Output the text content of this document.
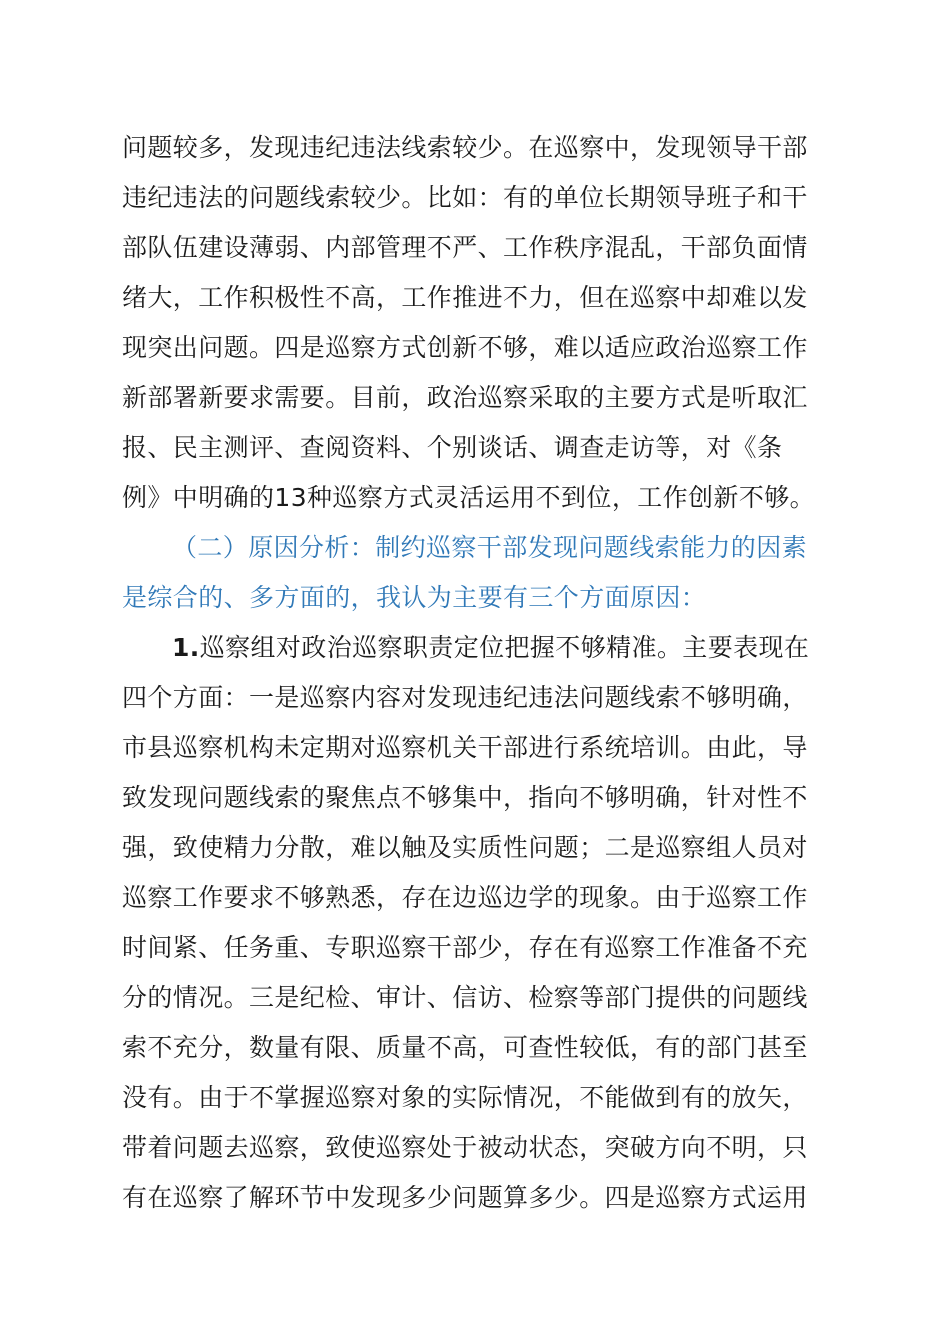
问题较多，发现违纪违法线索较少。在巡察中，发现领导干部
违纪违法的问题线索较少。比如：有的单位长期领导班子和干
部队伍建设薄弱、内部管理不严、工作秩序混乱，干部负面情
绪大，工作积极性不高，工作推进不力，但在巡察中却难以发
现突出问题。四是巡察方式创新不够，难以适应政治巡察工作
新部署新要求需要。目前，政治巡察采取的主要方式是听取汇
报、民主测评、查阅资料、个别谈话、调查走访等，对《条
例》中明确的13种巡察方式灵活运用不到位，工作创新不够。
（二）原因分析：制约巡察干部发现问题线索能力的因素
是综合的、多方面的，我认为主要有三个方面原因：
1.巡察组对政治巡察职责定位把握不够精准。主要表现在
四个方面：一是巡察内容对发现违纪违法问题线索不够明确，
市县巡察机构未定期对巡察机关干部进行系统培训。由此，导
致发现问题线索的聚焦点不够集中，指向不够明确，针对性不
强，致使精力分散，难以触及实质性问题；二是巡察组人员对
巡察工作要求不够熟悉，存在边巡边学的现象。由于巡察工作
时间紧、任务重、专职巡察干部少，存在有巡察工作准备不充
分的情况。三是纪检、审计、信访、检察等部门提供的问题线
索不充分，数量有限、质量不高，可查性较低，有的部门甚至
没有。由于不掌握巡察对象的实际情况，不能做到有的放矢，
带着问题去巡察，致使巡察处于被动状态，突破方向不明，只
有在巡察了解环节中发现多少问题算多少。四是巡察方式运用
